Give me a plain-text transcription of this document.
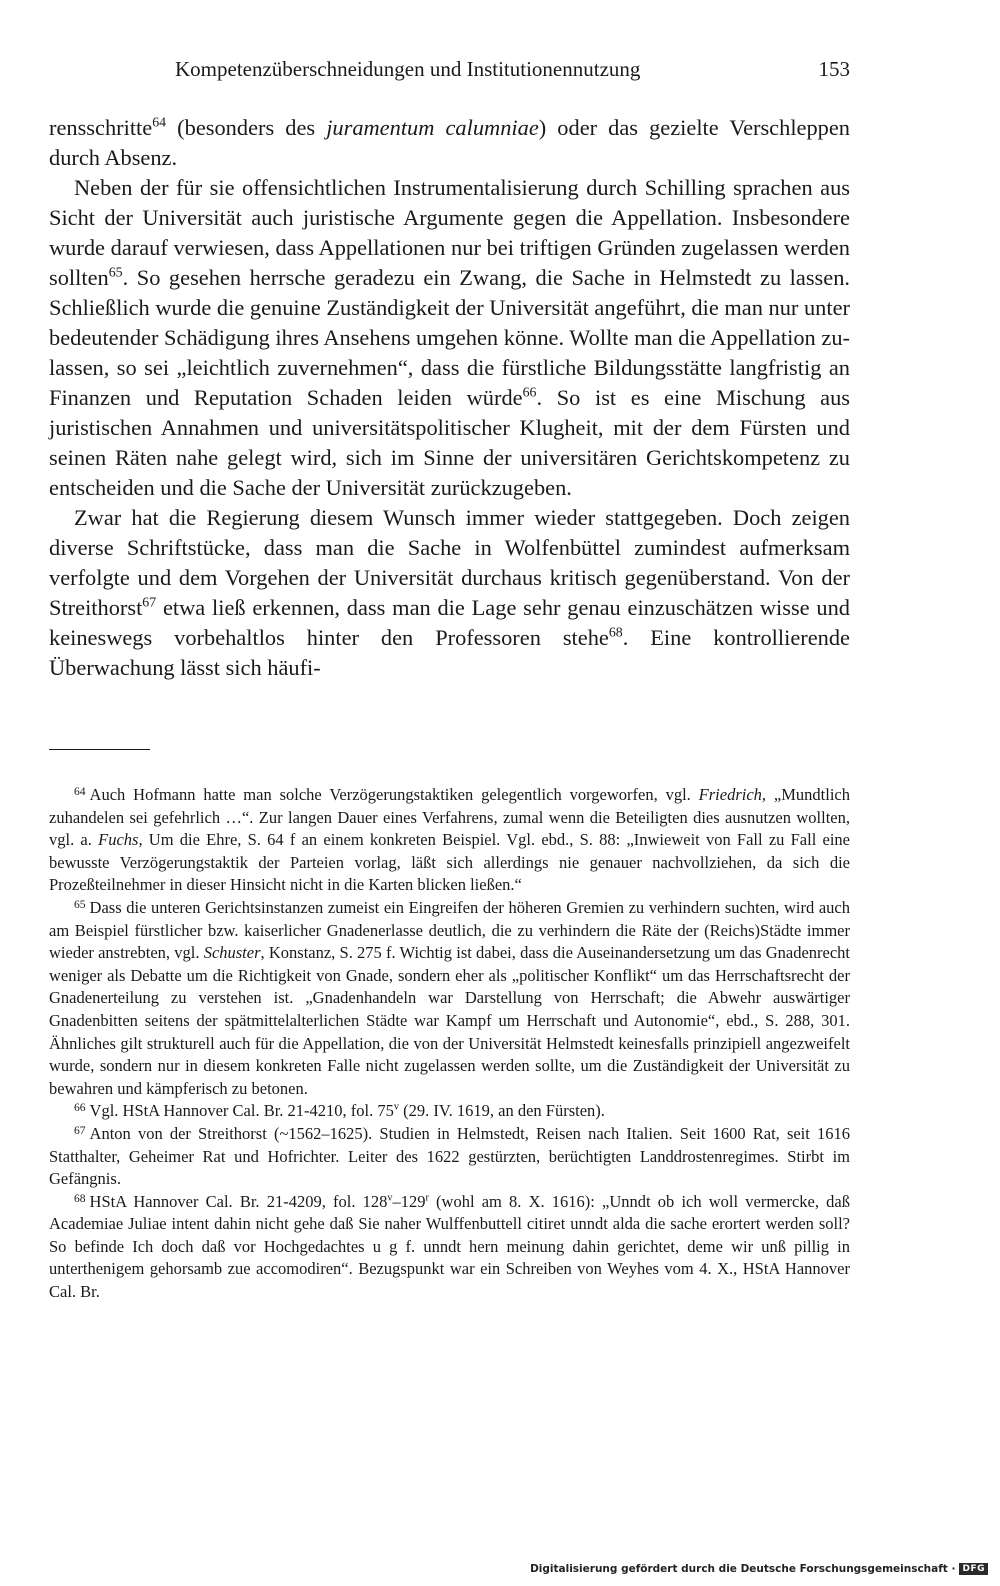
Kompetenzüberschneidungen und Institutionennutzung	153

rensschritte$^{64}$ (besonders des juramentum calumniae) oder das gezielte Verschleppen durch Absenz.

Neben der für sie offensichtlichen Instrumentalisierung durch Schilling sprachen aus Sicht der Universität auch juristische Argumente gegen die Appellation. Insbesondere wurde darauf verwiesen, dass Appellationen nur bei triftigen Gründen zugelassen werden sollten$^{65}$. So gesehen herrsche geradezu ein Zwang, die Sache in Helmstedt zu lassen. Schließlich wurde die genuine Zuständigkeit der Universität angeführt, die man nur unter bedeutender Schädigung ihres Ansehens umgehen könne. Wollte man die Appellation zulassen, so sei „leichtlich zuvernehmen“, dass die fürstliche Bildungsstätte langfristig an Finanzen und Reputation Schaden leiden würde$^{66}$. So ist es eine Mischung aus juristischen Annahmen und universitätspolitischer Klugheit, mit der dem Fürsten und seinen Räten nahe gelegt wird, sich im Sinne der universitären Gerichtskompetenz zu entscheiden und die Sache der Universität zurückzugeben.

Zwar hat die Regierung diesem Wunsch immer wieder stattgegeben. Doch zeigen diverse Schriftstücke, dass man die Sache in Wolfenbüttel zumindest aufmerksam verfolgte und dem Vorgehen der Universität durchaus kritisch gegenüberstand. Von der Streithorst$^{67}$ etwa ließ erkennen, dass man die Lage sehr genau einzuschätzen wisse und keineswegs vorbehaltlos hinter den Professoren stehe$^{68}$. Eine kontrollierende Überwachung lässt sich häufi-

$^{64}$ Auch Hofmann hatte man solche Verzögerungstaktiken gelegentlich vorgeworfen, vgl. Friedrich, „Mundtlich zuhandelen sei gefehrlich …“. Zur langen Dauer eines Verfahrens, zumal wenn die Beteiligten dies ausnutzen wollten, vgl. a. Fuchs, Um die Ehre, S. 64 f an einem konkreten Beispiel. Vgl. ebd., S. 88: „Inwieweit von Fall zu Fall eine bewusste Verzögerungstaktik der Parteien vorlag, läßt sich allerdings nie genauer nachvollziehen, da sich die Prozeßteilnehmer in dieser Hinsicht nicht in die Karten blicken ließen.“

$^{65}$ Dass die unteren Gerichtsinstanzen zumeist ein Eingreifen der höheren Gremien zu verhindern suchten, wird auch am Beispiel fürstlicher bzw. kaiserlicher Gnadenerlasse deutlich, die zu verhindern die Räte der (Reichs)Städte immer wieder anstrebten, vgl. Schuster, Konstanz, S. 275 f. Wichtig ist dabei, dass die Auseinandersetzung um das Gnadenrecht weniger als Debatte um die Richtigkeit von Gnade, sondern eher als „politischer Konflikt“ um das Herrschaftsrecht der Gnadenerteilung zu verstehen ist. „Gnadenhandeln war Darstellung von Herrschaft; die Abwehr auswärtiger Gnadenbitten seitens der spätmittelalterlichen Städte war Kampf um Herrschaft und Autonomie“, ebd., S. 288, 301. Ähnliches gilt strukturell auch für die Appellation, die von der Universität Helmstedt keinesfalls prinzipiell angezweifelt wurde, sondern nur in diesem konkreten Falle nicht zugelassen werden sollte, um die Zuständigkeit der Universität zu bewahren und kämpferisch zu betonen.

$^{66}$ Vgl. HStA Hannover Cal. Br. 21-4210, fol. 75$^v$ (29. IV. 1619, an den Fürsten).

$^{67}$ Anton von der Streithorst (~1562–1625). Studien in Helmstedt, Reisen nach Italien. Seit 1600 Rat, seit 1616 Statthalter, Geheimer Rat und Hofrichter. Leiter des 1622 gestürzten, berüchtigten Landdrostenregimes. Stirbt im Gefängnis.

$^{68}$ HStA Hannover Cal. Br. 21-4209, fol. 128$^v$–129$^r$ (wohl am 8. X. 1616): „Unndt ob ich woll vermercke, daß Academiae Juliae intent dahin nicht gehe daß Sie naher Wulffenbuttell citiret unndt alda die sache erortert werden soll? So befinde Ich doch daß vor Hochgedachtes u g f. unndt hern meinung dahin gerichtet, deme wir unß pillig in unterthenigem gehorsamb zue accomodiren“. Bezugspunkt war ein Schreiben von Weyhes vom 4. X., HStA Hannover Cal. Br.

Digitalisierung gefördert durch die Deutsche Forschungsgemeinschaft · DFG
